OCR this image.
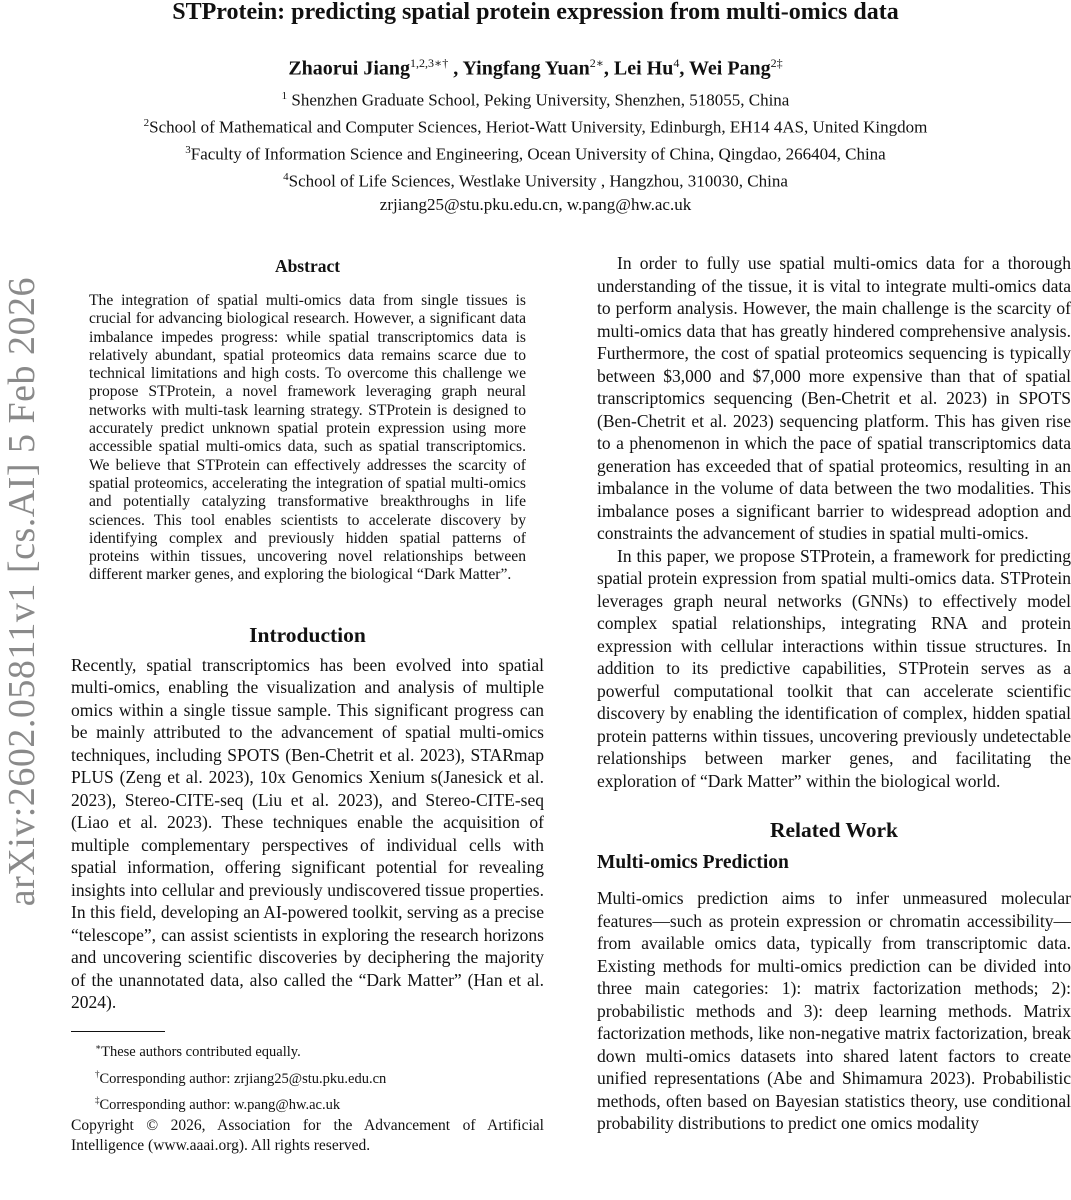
arXiv:2602.05811v1 [cs.AI] 5 Feb 2026
STProtein: predicting spatial protein expression from multi-omics data
Zhaorui Jiang$^{1,2,3∗\dagger}$ , Yingfang Yuan$^{2∗}$, Lei Hu$^4$, Wei Pang$^{2\ddagger}$
$^1$ Shenzhen Graduate School, Peking University, Shenzhen, 518055, China
$^2$School of Mathematical and Computer Sciences, Heriot-Watt University, Edinburgh, EH14 4AS, United Kingdom
$^3$Faculty of Information Science and Engineering, Ocean University of China, Qingdao, 266404, China
$^4$School of Life Sciences, Westlake University , Hangzhou, 310030, China
zrjiang25@stu.pku.edu.cn, w.pang@hw.ac.uk

Abstract

The integration of spatial multi-omics data from single tissues is crucial for advancing biological research. However, a significant data imbalance impedes progress: while spatial transcriptomics data is relatively abundant, spatial proteomics data remains scarce due to technical limitations and high costs. To overcome this challenge we propose STProtein, a novel framework leveraging graph neural networks with multi-task learning strategy. STProtein is designed to accurately predict unknown spatial protein expression using more accessible spatial multi-omics data, such as spatial transcriptomics. We believe that STProtein can effectively addresses the scarcity of spatial proteomics, accelerating the integration of spatial multi-omics and potentially catalyzing transformative breakthroughs in life sciences. This tool enables scientists to accelerate discovery by identifying complex and previously hidden spatial patterns of proteins within tissues, uncovering novel relationships between different marker genes, and exploring the biological “Dark Matter”.

Introduction

Recently, spatial transcriptomics has been evolved into spatial multi-omics, enabling the visualization and analysis of multiple omics within a single tissue sample. This significant progress can be mainly attributed to the advancement of spatial multi-omics techniques, including SPOTS (Ben-Chetrit et al. 2023), STARmap PLUS (Zeng et al. 2023), 10x Genomics Xenium s(Janesick et al. 2023), Stereo-CITE-seq (Liu et al. 2023), and Stereo-CITE-seq (Liao et al. 2023). These techniques enable the acquisition of multiple complementary perspectives of individual cells with spatial information, offering significant potential for revealing insights into cellular and previously undiscovered tissue properties. In this field, developing an AI-powered toolkit, serving as a precise “telescope”, can assist scientists in exploring the research horizons and uncovering scientific discoveries by deciphering the majority of the unannotated data, also called the “Dark Matter” (Han et al. 2024).

∗These authors contributed equally.

†Corresponding author: zrjiang25@stu.pku.edu.cn

‡Corresponding author: w.pang@hw.ac.uk

Copyright © 2026, Association for the Advancement of Artificial Intelligence (www.aaai.org). All rights reserved.

In order to fully use spatial multi-omics data for a thorough understanding of the tissue, it is vital to integrate multi-omics data to perform analysis. However, the main challenge is the scarcity of multi-omics data that has greatly hindered comprehensive analysis. Furthermore, the cost of spatial proteomics sequencing is typically between $3,000 and $7,000 more expensive than that of spatial transcriptomics sequencing (Ben-Chetrit et al. 2023) in SPOTS (Ben-Chetrit et al. 2023) sequencing platform. This has given rise to a phenomenon in which the pace of spatial transcriptomics data generation has exceeded that of spatial proteomics, resulting in an imbalance in the volume of data between the two modalities. This imbalance poses a significant barrier to widespread adoption and constraints the advancement of studies in spatial multi-omics.

In this paper, we propose STProtein, a framework for predicting spatial protein expression from spatial multi-omics data. STProtein leverages graph neural networks (GNNs) to effectively model complex spatial relationships, integrating RNA and protein expression with cellular interactions within tissue structures. In addition to its predictive capabilities, STProtein serves as a powerful computational toolkit that can accelerate scientific discovery by enabling the identification of complex, hidden spatial protein patterns within tissues, uncovering previously undetectable relationships between marker genes, and facilitating the exploration of “Dark Matter” within the biological world.

Related Work

Multi-omics Prediction

Multi-omics prediction aims to infer unmeasured molecular features—such as protein expression or chromatin accessibility—from available omics data, typically from transcriptomic data. Existing methods for multi-omics prediction can be divided into three main categories: 1): matrix factorization methods; 2): probabilistic methods and 3): deep learning methods. Matrix factorization methods, like non-negative matrix factorization, break down multi-omics datasets into shared latent factors to create unified representations (Abe and Shimamura 2023). Probabilistic methods, often based on Bayesian statistics theory, use conditional probability distributions to predict one omics modality
